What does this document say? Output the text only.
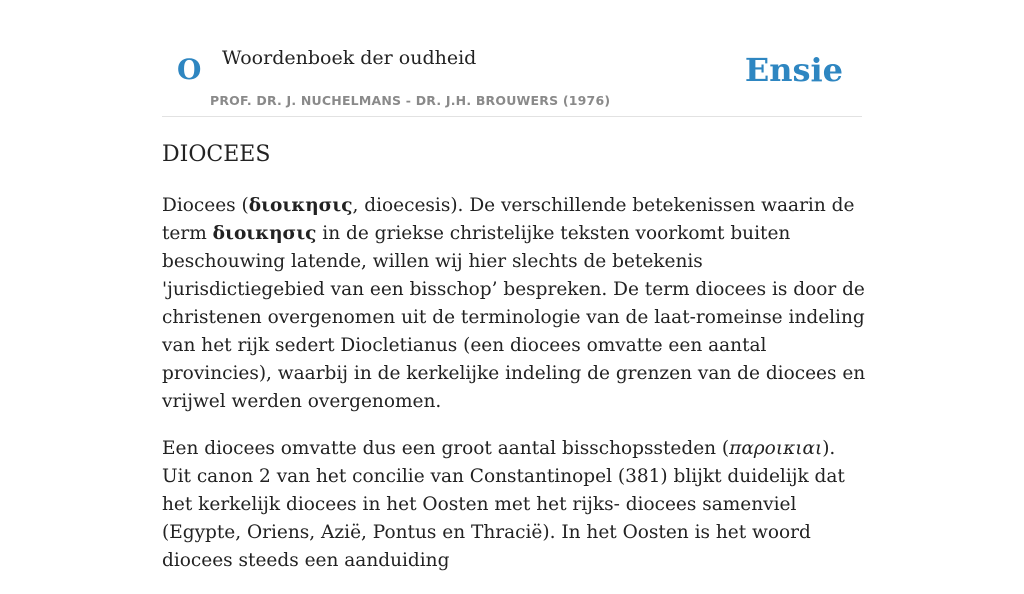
O Woordenboek der oudheid
PROF. DR. J. NUCHELMANS - DR. J.H. BROUWERS (1976)
Ensie
DIOCEES

Diocees (διοικησις, dioecesis). De verschillende betekenissen waarin de term διοικησις in de griekse christelijke teksten voorkomt buiten beschouwing latende, willen wij hier slechts de betekenis 'jurisdictiegebied van een bisschop’ bespreken. De term diocees is door de christenen overgenomen uit de terminologie van de laat-romeinse indeling van het rijk sedert Diocletianus (een diocees omvatte een aantal provincies), waarbij in de kerkelijke indeling de grenzen van de diocees en vrijwel werden overgenomen.

Een diocees omvatte dus een groot aantal bisschopssteden (παροικιαι). Uit canon 2 van het concilie van Constantinopel (381) blijkt duidelijk dat het kerkelijk diocees in het Oosten met het rijks- diocees samenviel (Egypte, Oriens, Azië, Pontus en Thracië). In het Oosten is het woord diocees steeds een aanduiding
